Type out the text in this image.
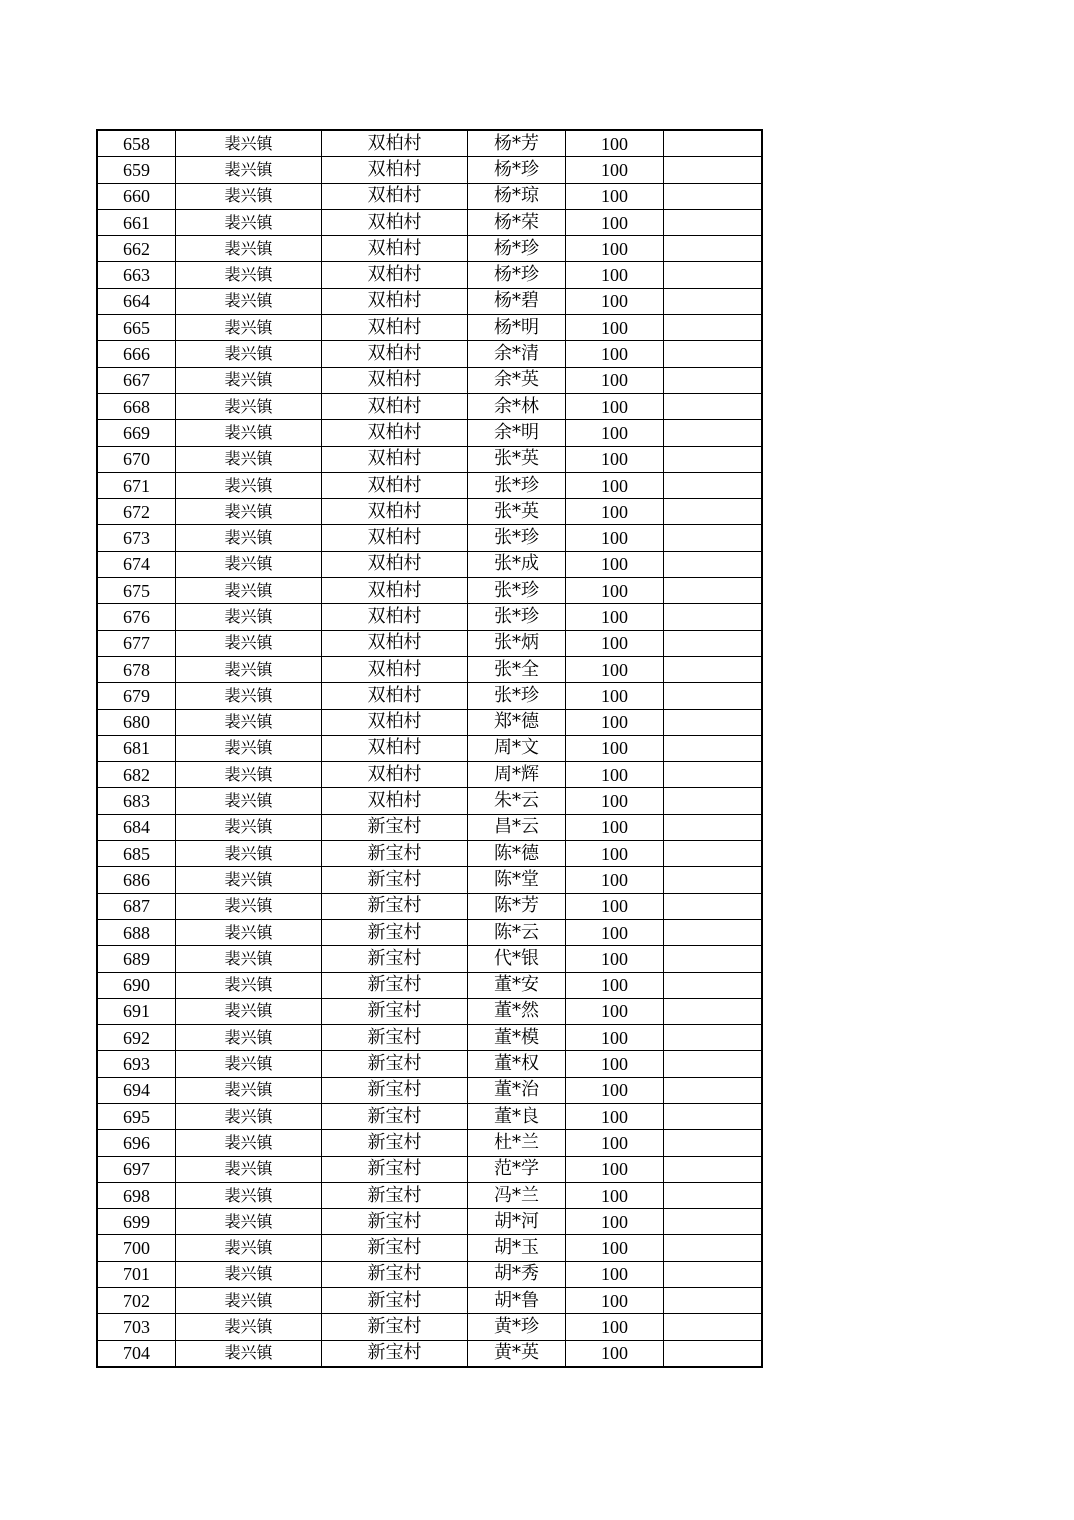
658	裴兴镇	双柏村	杨*芳	100	
659	裴兴镇	双柏村	杨*珍	100	
660	裴兴镇	双柏村	杨*琼	100	
661	裴兴镇	双柏村	杨*荣	100	
662	裴兴镇	双柏村	杨*珍	100	
663	裴兴镇	双柏村	杨*珍	100	
664	裴兴镇	双柏村	杨*碧	100	
665	裴兴镇	双柏村	杨*明	100	
666	裴兴镇	双柏村	余*清	100	
667	裴兴镇	双柏村	余*英	100	
668	裴兴镇	双柏村	余*林	100	
669	裴兴镇	双柏村	余*明	100	
670	裴兴镇	双柏村	张*英	100	
671	裴兴镇	双柏村	张*珍	100	
672	裴兴镇	双柏村	张*英	100	
673	裴兴镇	双柏村	张*珍	100	
674	裴兴镇	双柏村	张*成	100	
675	裴兴镇	双柏村	张*珍	100	
676	裴兴镇	双柏村	张*珍	100	
677	裴兴镇	双柏村	张*炳	100	
678	裴兴镇	双柏村	张*全	100	
679	裴兴镇	双柏村	张*珍	100	
680	裴兴镇	双柏村	郑*德	100	
681	裴兴镇	双柏村	周*文	100	
682	裴兴镇	双柏村	周*辉	100	
683	裴兴镇	双柏村	朱*云	100	
684	裴兴镇	新宝村	昌*云	100	
685	裴兴镇	新宝村	陈*德	100	
686	裴兴镇	新宝村	陈*堂	100	
687	裴兴镇	新宝村	陈*芳	100	
688	裴兴镇	新宝村	陈*云	100	
689	裴兴镇	新宝村	代*银	100	
690	裴兴镇	新宝村	董*安	100	
691	裴兴镇	新宝村	董*然	100	
692	裴兴镇	新宝村	董*模	100	
693	裴兴镇	新宝村	董*权	100	
694	裴兴镇	新宝村	董*治	100	
695	裴兴镇	新宝村	董*良	100	
696	裴兴镇	新宝村	杜*兰	100	
697	裴兴镇	新宝村	范*学	100	
698	裴兴镇	新宝村	冯*兰	100	
699	裴兴镇	新宝村	胡*河	100	
700	裴兴镇	新宝村	胡*玉	100	
701	裴兴镇	新宝村	胡*秀	100	
702	裴兴镇	新宝村	胡*鲁	100	
703	裴兴镇	新宝村	黄*珍	100	
704	裴兴镇	新宝村	黄*英	100	
